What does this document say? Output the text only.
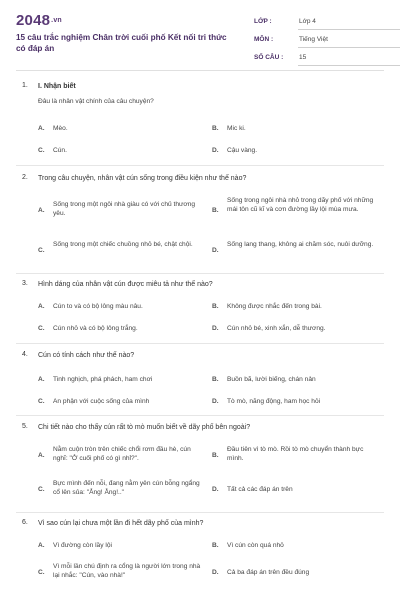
$2048^{.vn}$
15 câu trắc nghiệm Chân trời cuối phố Kết nối tri thức có đáp án
LỚP :	Lớp 4
MÔN :	Tiếng Việt
SỐ CÂU : 15
1. I. Nhận biết
Đâu là nhân vật chính của câu chuyện?
A. Mèo.	B. Mic ki.
C. Cún.	D. Cậu vàng.
2. Trong câu chuyện, nhân vật cún sống trong điều kiện như thế nào?
A.
Sống trong một ngôi nhà giàu có với chủ thương yêu.	B.
Sống trong ngôi nhà nhỏ trong dãy phố với những mái tôn cũ kĩ và cơn đường lầy lội mùa mưa.
C.
Sống trong một chiếc chuồng nhỏ bé, chật chội.
D.
Sống lang thang, không ai chăm sóc, nuôi dưỡng.
3. Hình dáng của nhân vật cún được miêu tả như thế nào?
A. Cún to và có bộ lông màu nâu.	B. Không được nhắc đến trong bài.
C. Cún nhỏ và có bộ lông trắng.	D. Cún nhỏ bé, xinh xắn, dễ thương.
4. Cún có tính cách như thế nào?
A. Tinh nghịch, phá phách, ham chơi	B. Buồn bã, lười biếng, chán nản
C. An phận với cuộc sống của mình	D. Tò mò, năng động, ham học hỏi
5. Chi tiết nào cho thấy cún rất tò mò muốn biết về dãy phố bên ngoài?
A.
Nằm cuộn tròn trên chiếc chổi rơm đầu hè, cún nghĩ: "Ở cuối phố có gì nhỉ?".	B.
Đầu tiên vì tò mò. Rồi tò mò chuyển thành bực mình.
C.
Bực mình đến nỗi, đang nằm yên cún bỗng ngẩng cổ lên sủa: "Ẳng! Ẳng!.."	D. Tất cả các đáp án trên
6. Vì sao cún lại chưa một lần đi hết dãy phố của mình?
A. Vì đường còn lầy lội	B. Vì cún còn quá nhỏ
C.
Vì mỗi lần chú định ra cổng là người lớn trong nhà lại nhắc: "Cún, vào nhà!"	D. Cả ba đáp án trên đều đúng
